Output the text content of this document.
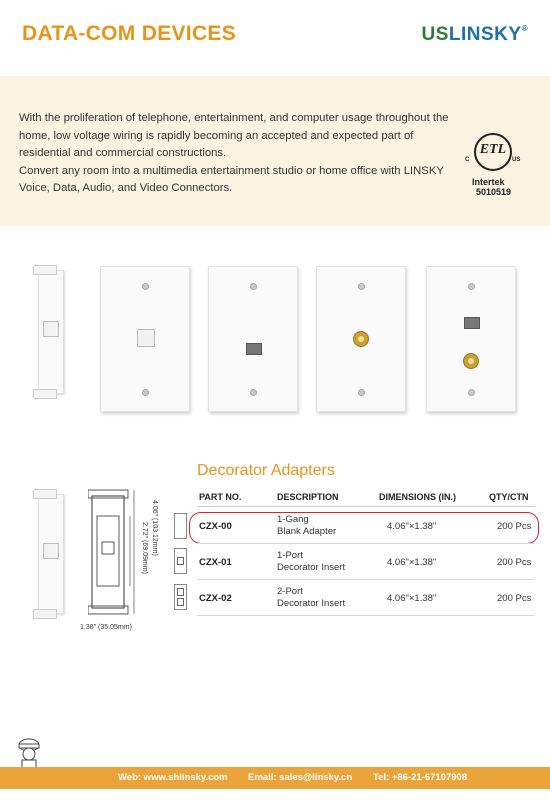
DATA-COM DEVICES	USLINSKY®

With the proliferation of telephone, entertainment, and computer usage throughout the home, low voltage wiring is rapidly becoming an accepted and expected part of residential and commercial constructions.

Convert any room into a multimedia entertainment studio or home office with LINSKY Voice, Data, Audio, and Video Connectors.

ETL
C	US
Intertek
5010519
4.06" (103.12mm)
2.72" (69.09mm)
1.38" (35.05mm)
Decorator Adapters
PART NO.	DESCRIPTION	DIMENSIONS (IN.)	QTY/CTN
CZX-00
1-Gang
Blank Adapter	4.06"×1.38"	200 Pcs
CZX-01
1-Port
Decorator Insert	4.06"×1.38"	200 Pcs
CZX-02
2-Port
Decorator Insert	4.06"×1.38"	200 Pcs
Web: www.shlinsky.com Email: sales@linsky.cn Tel: +86-21-67107908
